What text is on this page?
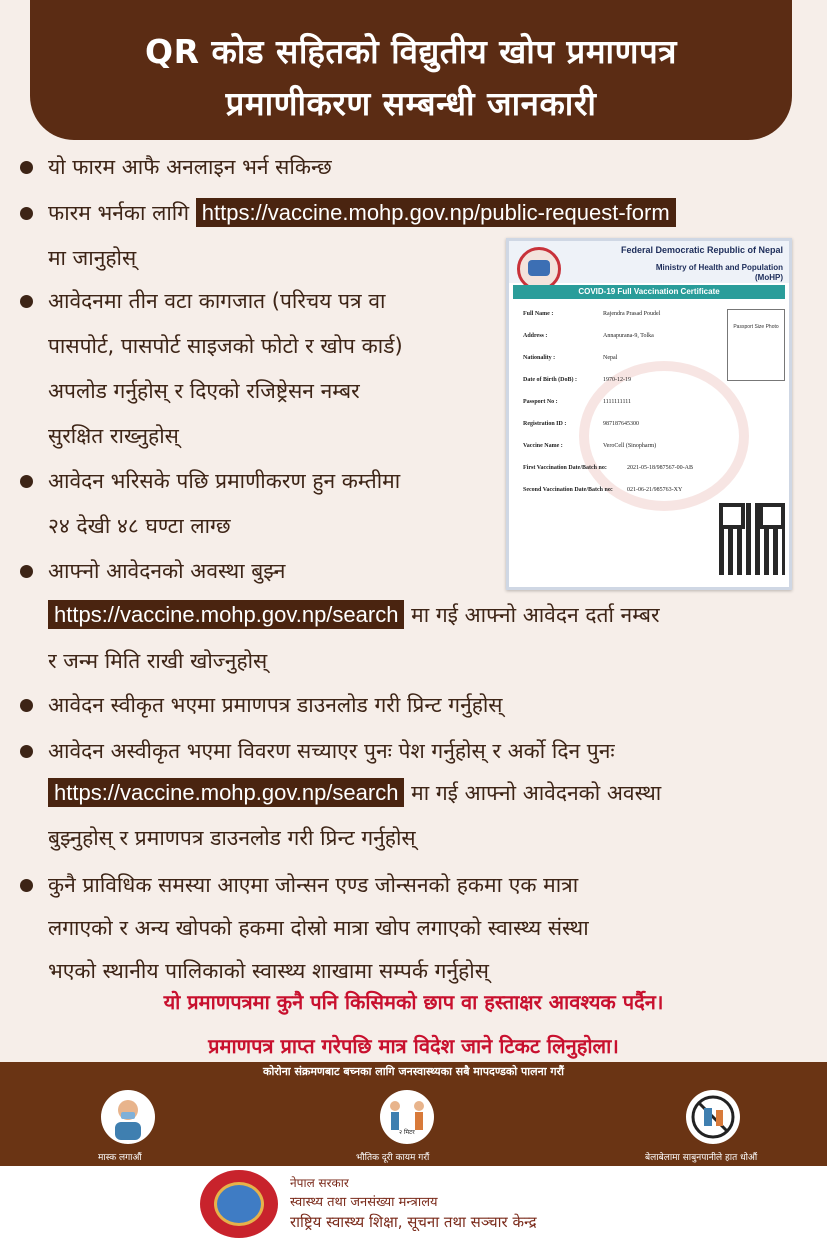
QR कोड सहितको विद्युतीय खोप प्रमाणपत्र
प्रमाणीकरण सम्बन्धी जानकारी
यो फारम आफै अनलाइन भर्न सकिन्छ
फारम भर्नका लागि https://vaccine.mohp.gov.np/public-request-form
मा जानुहोस्
आवेदनमा तीन वटा कागजात (परिचय पत्र वा
पासपोर्ट, पासपोर्ट साइजको फोटो र खोप कार्ड)
अपलोड गर्नुहोस् र दिएको रजिष्ट्रेसन नम्बर
सुरक्षित राख्नुहोस्
आवेदन भरिसके पछि प्रमाणीकरण हुन कम्तीमा
२४ देखी ४८ घण्टा लाग्छ
आफ्नो आवेदनको अवस्था बुझ्न
https://vaccine.mohp.gov.np/search मा गई आफ्नो आवेदन दर्ता नम्बर
र जन्म मिति राखी खोज्नुहोस्
आवेदन स्वीकृत भएमा प्रमाणपत्र डाउनलोड गरी प्रिन्ट गर्नुहोस्
आवेदन अस्वीकृत भएमा विवरण सच्याएर पुनः पेश गर्नुहोस् र अर्को दिन पुनः
https://vaccine.mohp.gov.np/search मा गई आफ्नो आवेदनको अवस्था
बुझ्नुहोस् र प्रमाणपत्र डाउनलोड गरी प्रिन्ट गर्नुहोस्
कुनै प्राविधिक समस्या आएमा जोन्सन एण्ड जोन्सनको हकमा एक मात्रा
लगाएको र अन्य खोपको हकमा दोस्रो मात्रा खोप लगाएको स्वास्थ्य संस्था
भएको स्थानीय पालिकाको स्वास्थ्य शाखामा सम्पर्क गर्नुहोस्
Federal Democratic Republic of Nepal
Ministry of Health and Population
(MoHP)
COVID-19 Full Vaccination Certificate
Passport Size Photo
Full Name :	Rajendra Prasad Poudel
Address :	Annapurana-9, Tolka
Nationality :	Nepal
Date of Birth (DoB) :	1970-12-19
Passport No :	1111111111
Registration ID :	987187645300
Vaccine Name :	VeroCell (Sinopharm)
First Vaccination Date/Batch no:	2021-05-18/987567-00-AB
Second Vaccination Date/Batch no: 021-06-21/985763-XY
यो प्रमाणपत्रमा कुनै पनि किसिमको छाप वा हस्ताक्षर आवश्यक पर्दैन।
प्रमाणपत्र प्राप्त गरेपछि मात्र विदेश जाने टिकट लिनुहोला।
कोरोना संक्रमणबाट बच्नका लागि जनस्वास्थ्यका सबै मापदण्डको पालना गरौं
मास्क लगाऔं
२ मिटर
भौतिक दूरी कायम गरौं	बेलाबेलामा साबुनपानीले हात धोऔं
नेपाल सरकार
स्वास्थ्य तथा जनसंख्या मन्त्रालय
राष्ट्रिय स्वास्थ्य शिक्षा, सूचना तथा सञ्चार केन्द्र
